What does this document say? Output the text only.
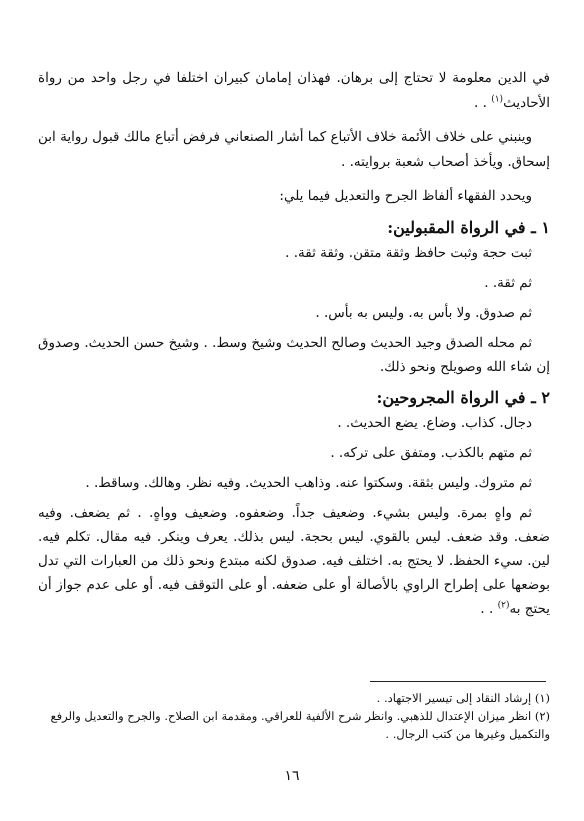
في الدين معلومة لا تحتاج إلى برهان. فهذان إمامان كبيران اختلفا في رجل واحد من رواة الأحاديث$^{(١)}$ . .

وينبني على خلاف الأئمة خلاف الأتباع كما أشار الصنعاني فرفض أتباع مالك قبول رواية ابن إسحاق. ويأخذ أصحاب شعبة بروايته. .

ويحدد الفقهاء ألفاظ الجرح والتعديل فيما يلي:

١ ـ في الرواة المقبولين:

ثبت حجة وثبت حافظ وثقة متقن. وثقة ثقة. .

ثم ثقة. .

ثم صدوق. ولا بأس به. وليس به بأس. .

ثم محله الصدق وجيد الحديث وصالح الحديث وشيخ وسط. . وشيخ حسن الحديث. وصدوق إن شاء الله وصويلح ونحو ذلك.

٢ ـ في الرواة المجروحين:

دجال. كذاب. وضاع. يضع الحديث. .

ثم متهم بالكذب. ومتفق على تركه. .

ثم متروك. وليس بثقة. وسكتوا عنه. وذاهب الحديث. وفيه نظر. وهالك. وساقط. .

ثم واهٍ بمرة. وليس بشيء. وضعيف جداً. وضعفوه. وضعيف وواهٍ. . ثم يضعف. وفيه ضعف. وقد ضعف. ليس بالقوي. ليس بحجة. ليس بذلك. يعرف وينكر. فيه مقال. تكلم فيه. لين. سيء الحفظ. لا يحتج به. اختلف فيه. صدوق لكنه مبتدع ونحو ذلك من العبارات التي تدل بوضعها على إطراح الراوي بالأصالة أو على ضعفه. أو على التوقف فيه. أو على عدم جواز أن يحتج به$^{(٢)}$ . .

(١) إرشاد النقاد إلى تيسير الاجتهاد. .

(٢) انظر ميزان الإعتدال للذهبي. وانظر شرح الألفية للعراقي. ومقدمة ابن الصلاح. والجرح والتعديل والرفع والتكميل وغيرها من كتب الرجال. .

١٦
